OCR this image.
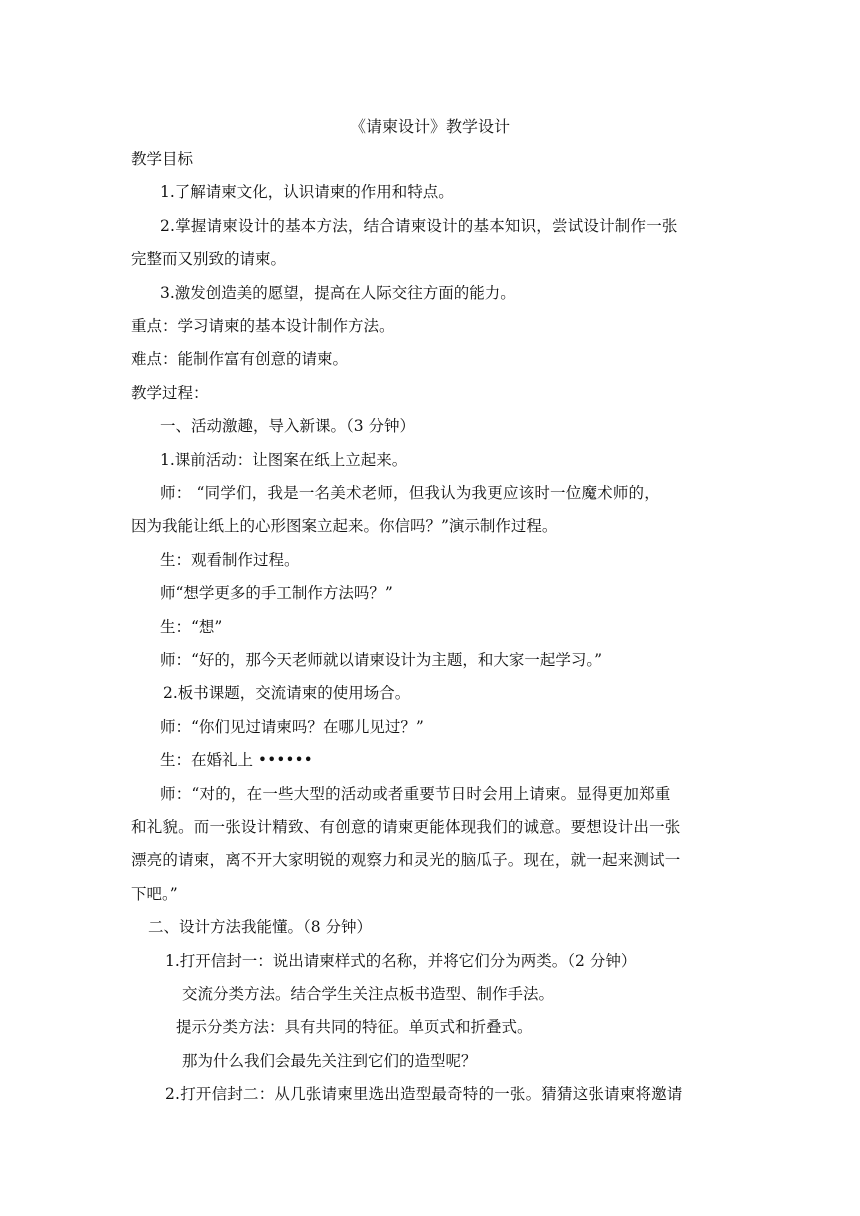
《请柬设计》教学设计
教学目标
1.了解请柬文化，认识请柬的作用和特点。
2.掌握请柬设计的基本方法，结合请柬设计的基本知识，尝试设计制作一张
完整而又别致的请柬。
3.激发创造美的愿望，提高在人际交往方面的能力。
重点：学习请柬的基本设计制作方法。
难点：能制作富有创意的请柬。
教学过程：
一、活动激趣，导入新课。（3 分钟）
1.课前活动：让图案在纸上立起来。
师： “同学们，我是一名美术老师，但我认为我更应该时一位魔术师的，
因为我能让纸上的心形图案立起来。你信吗？”演示制作过程。
生：观看制作过程。
师“想学更多的手工制作方法吗？”
生：“想”
师：“好的，那今天老师就以请柬设计为主题，和大家一起学习。”
2.板书课题，交流请柬的使用场合。
师：“你们见过请柬吗？在哪儿见过？”
生：在婚礼上 ••••••
师：“对的，在一些大型的活动或者重要节日时会用上请柬。显得更加郑重
和礼貌。而一张设计精致、有创意的请柬更能体现我们的诚意。要想设计出一张
漂亮的请柬，离不开大家明锐的观察力和灵光的脑瓜子。现在，就一起来测试一
下吧。”
二、设计方法我能懂。（8 分钟）
1.打开信封一：说出请柬样式的名称，并将它们分为两类。（2 分钟）
交流分类方法。结合学生关注点板书造型、制作手法。
提示分类方法：具有共同的特征。单页式和折叠式。
那为什么我们会最先关注到它们的造型呢？
2.打开信封二：从几张请柬里选出造型最奇特的一张。猜猜这张请柬将邀请
